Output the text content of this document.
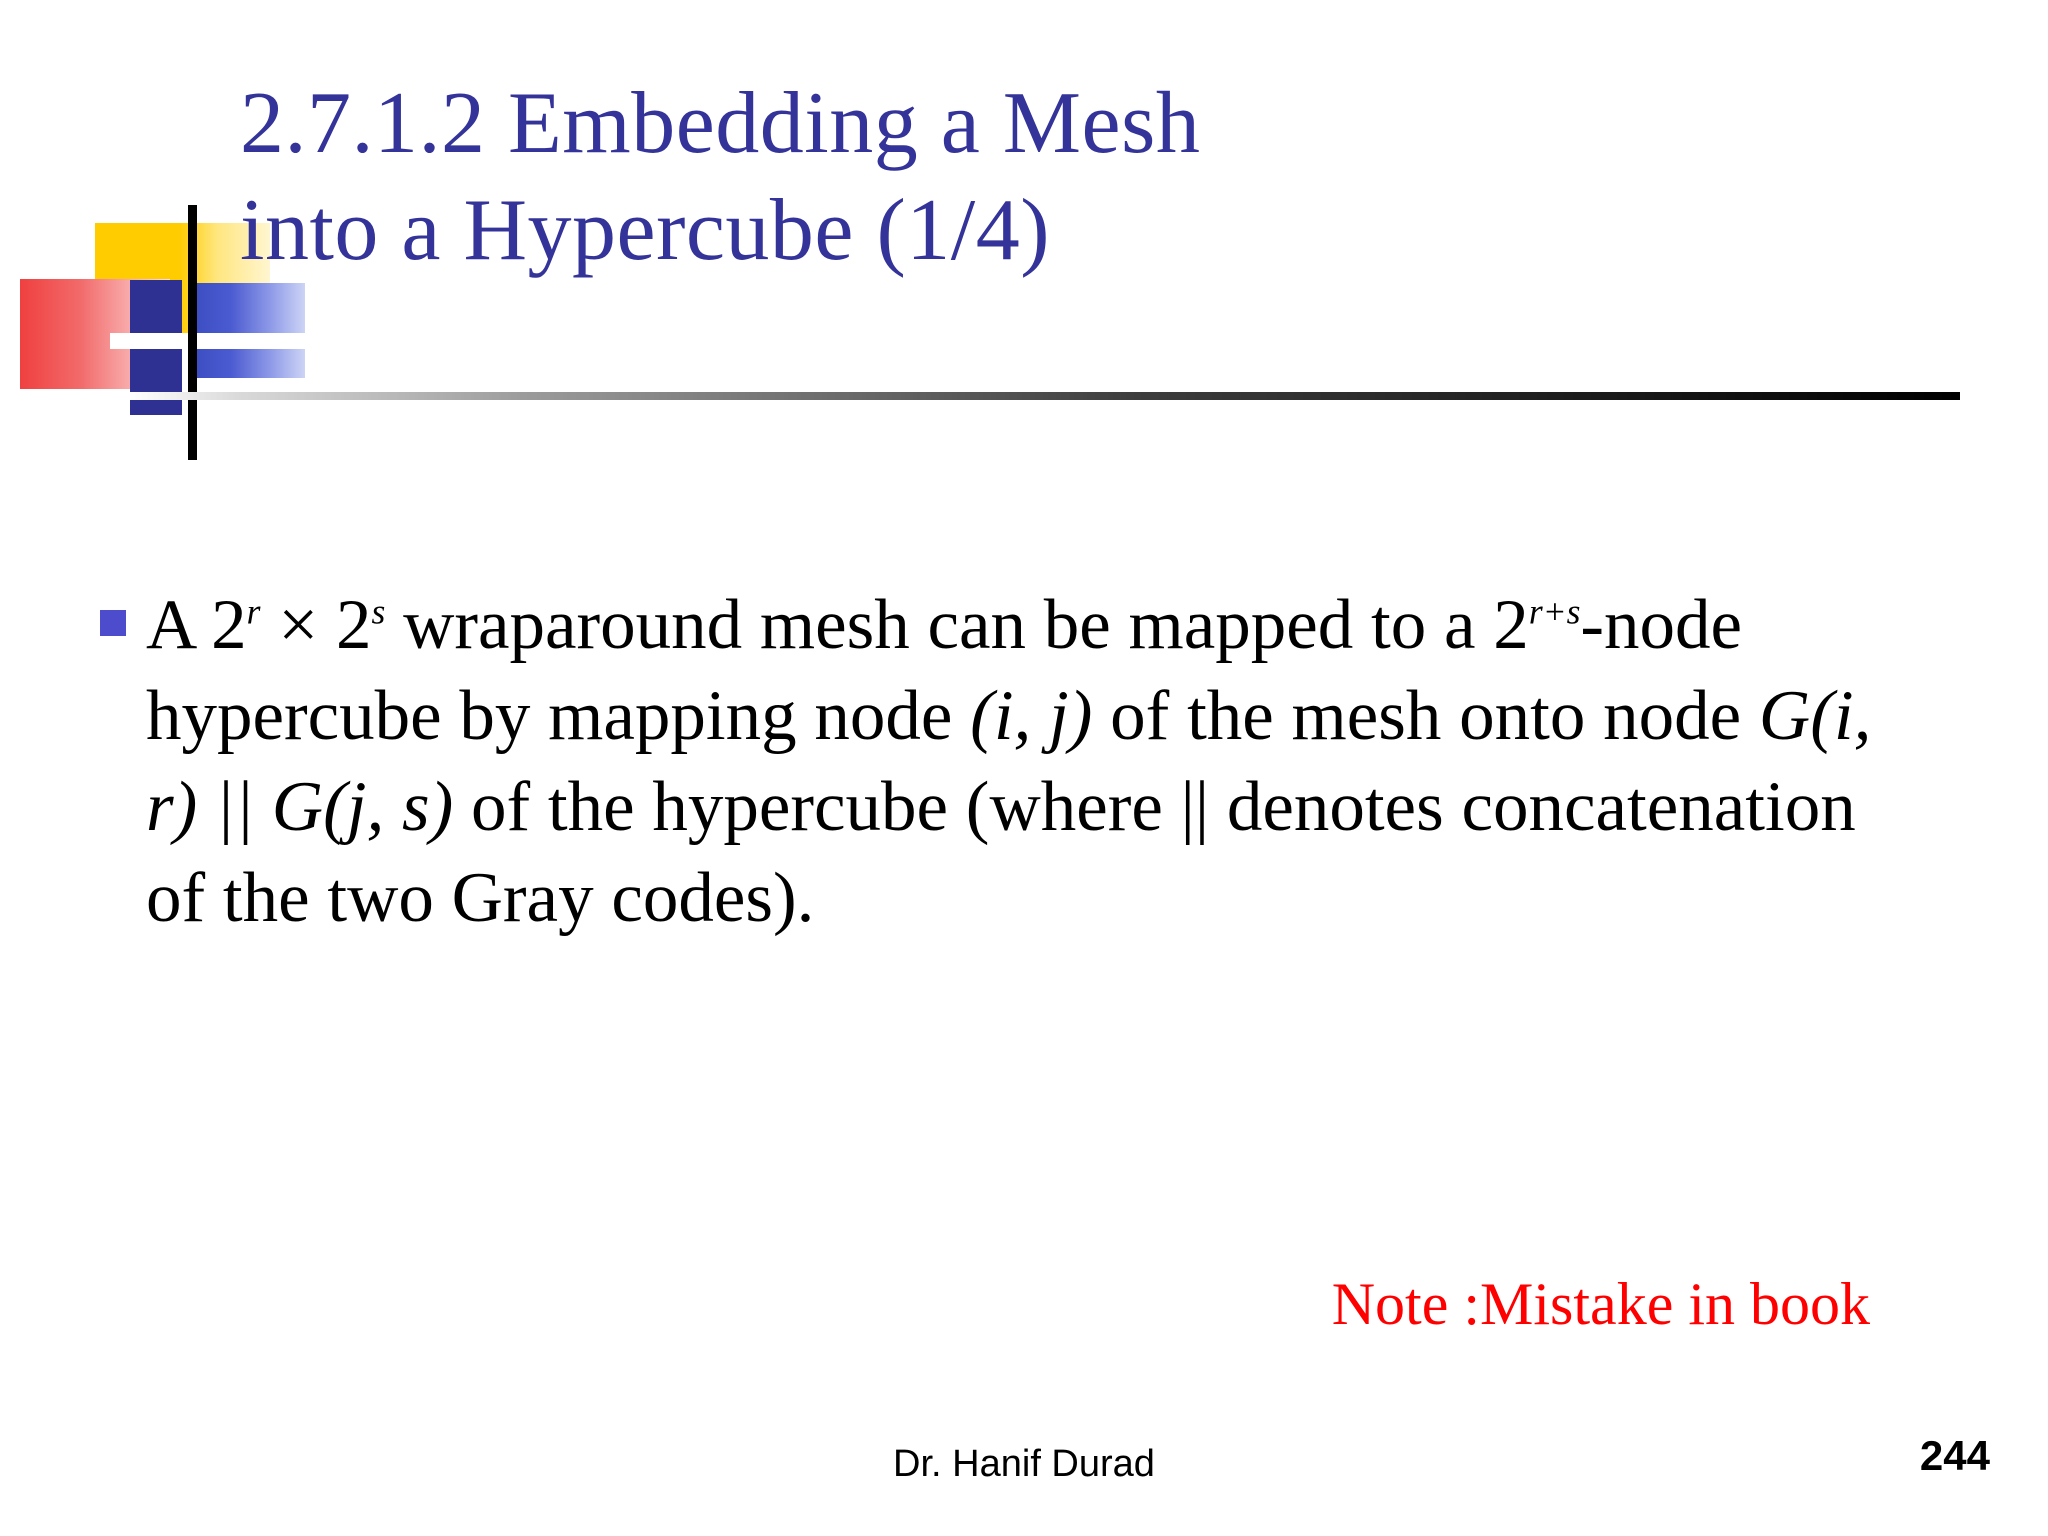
2.7.1.2 Embedding a Mesh
into a Hypercube (1/4)
A $2^r \times 2^s$ wraparound mesh can be mapped to a $2^{r+s}$-node hypercube by mapping node (i, j) of the mesh onto node G(i, r) || G(j, s) of the hypercube (where || denotes concatenation of the two Gray codes).
Note :Mistake in book
Dr. Hanif Durad	244
